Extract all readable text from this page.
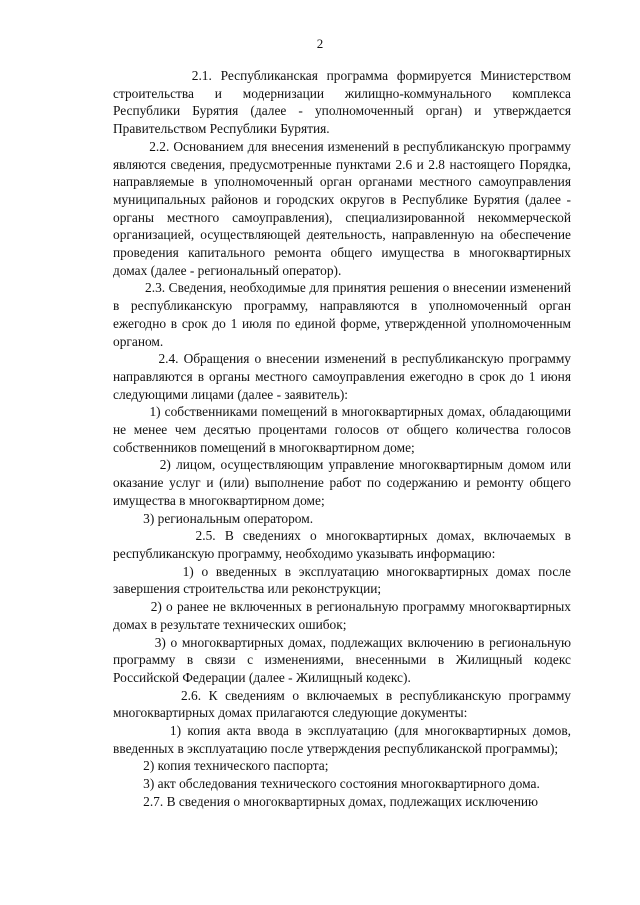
2

2.1. Республиканская программа формируется Министерством строительства и модернизации жилищно-коммунального комплекса Республики Бурятия (далее - уполномоченный орган) и утверждается Правительством Республики Бурятия.

2.2. Основанием для внесения изменений в республиканскую программу являются сведения, предусмотренные пунктами 2.6 и 2.8 настоящего Порядка, направляемые в уполномоченный орган органами местного самоуправления муниципальных районов и городских округов в Республике Бурятия (далее - органы местного самоуправления), специализированной некоммерческой организацией, осуществляющей деятельность, направленную на обеспечение проведения капитального ремонта общего имущества в многоквартирных домах (далее - региональный оператор).

2.3. Сведения, необходимые для принятия решения о внесении изменений в республиканскую программу, направляются в уполномоченный орган ежегодно в срок до 1 июля по единой форме, утвержденной уполномоченным органом.

2.4. Обращения о внесении изменений в республиканскую программу направляются в органы местного самоуправления ежегодно в срок до 1 июня следующими лицами (далее - заявитель):

1) собственниками помещений в многоквартирных домах, обладающими не менее чем десятью процентами голосов от общего количества голосов собственников помещений в многоквартирном доме;

2) лицом, осуществляющим управление многоквартирным домом или оказание услуг и (или) выполнение работ по содержанию и ремонту общего имущества в многоквартирном доме;

3) региональным оператором.

2.5. В сведениях о многоквартирных домах, включаемых в республиканскую программу, необходимо указывать информацию:

1) о введенных в эксплуатацию многоквартирных домах после завершения строительства или реконструкции;

2) о ранее не включенных в региональную программу многоквартирных домах в результате технических ошибок;

3) о многоквартирных домах, подлежащих включению в региональную программу в связи с изменениями, внесенными в Жилищный кодекс Российской Федерации (далее - Жилищный кодекс).

2.6. К сведениям о включаемых в республиканскую программу многоквартирных домах прилагаются следующие документы:

1) копия акта ввода в эксплуатацию (для многоквартирных домов, введенных в эксплуатацию после утверждения республиканской программы);

2) копия технического паспорта;

3) акт обследования технического состояния многоквартирного дома.

2.7. В сведения о многоквартирных домах, подлежащих исключению
